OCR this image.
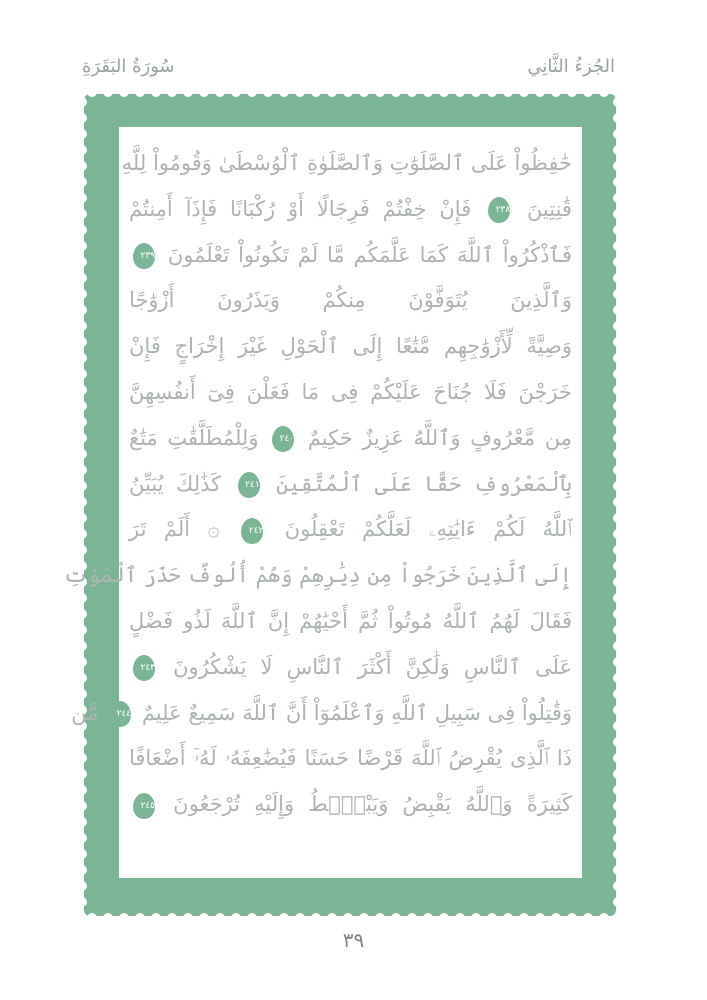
سُورَةُ البَقَرَةِ	الجُزءُ الثَّانِي
حَٰفِظُواْ عَلَى ٱلصَّلَوَٰتِ وَٱلصَّلَوٰةِ ٱلْوُسْطَىٰ وَقُومُواْ لِلَّهِ
قَٰنِتِينَ ٢٣٨ فَإِنْ خِفْتُمْ فَرِجَالًا أَوْ رُكْبَانًا فَإِذَآ أَمِنتُمْ
فَٱذْكُرُواْ ٱللَّهَ كَمَا عَلَّمَكُم مَّا لَمْ تَكُونُواْ تَعْلَمُونَ ٢٣٩
وَٱلَّذِينَ يُتَوَفَّوْنَ مِنكُمْ وَيَذَرُونَ أَزْوَٰجًا
وَصِيَّةً لِّأَزْوَٰجِهِم مَّتَٰعًا إِلَى ٱلْحَوْلِ غَيْرَ إِخْرَاجٍ فَإِنْ
خَرَجْنَ فَلَا جُنَاحَ عَلَيْكُمْ فِى مَا فَعَلْنَ فِىٓ أَنفُسِهِنَّ
مِن مَّعْرُوفٍ وَٱللَّهُ عَزِيزٌ حَكِيمٌ ٢٤٠ وَلِلْمُطَلَّقَٰتِ مَتَٰعٌ
بِٱلْمَعْرُوفِ حَقًّا عَلَى ٱلْمُتَّقِينَ ٢٤١ كَذَٰلِكَ يُبَيِّنُ
ٱللَّهُ لَكُمْ ءَايَٰتِهِۦ لَعَلَّكُمْ تَعْقِلُونَ ٢٤٢ ۞ أَلَمْ تَرَ
إِلَى ٱلَّذِينَ خَرَجُواْ مِن دِيَٰرِهِمْ وَهُمْ أُلُوفٌ حَذَرَ ٱلْمَوْتِ
فَقَالَ لَهُمُ ٱللَّهُ مُوتُواْ ثُمَّ أَحْيَٰهُمْ إِنَّ ٱللَّهَ لَذُو فَضْلٍ
عَلَى ٱلنَّاسِ وَلَٰكِنَّ أَكْثَرَ ٱلنَّاسِ لَا يَشْكُرُونَ ٢٤٣
وَقَٰتِلُواْ فِى سَبِيلِ ٱللَّهِ وَٱعْلَمُوٓاْ أَنَّ ٱللَّهَ سَمِيعٌ عَلِيمٌ ٢٤٤ مَّن
ذَا ٱلَّذِى يُقْرِضُ ٱللَّهَ قَرْضًا حَسَنًا فَيُضَٰعِفَهُۥ لَهُۥٓ أَضْعَافًا
كَثِيرَةً وَٱللَّهُ يَقْبِضُ وَيَبْصُۜطُ وَإِلَيْهِ تُرْجَعُونَ ٢٤٥
٣٩
